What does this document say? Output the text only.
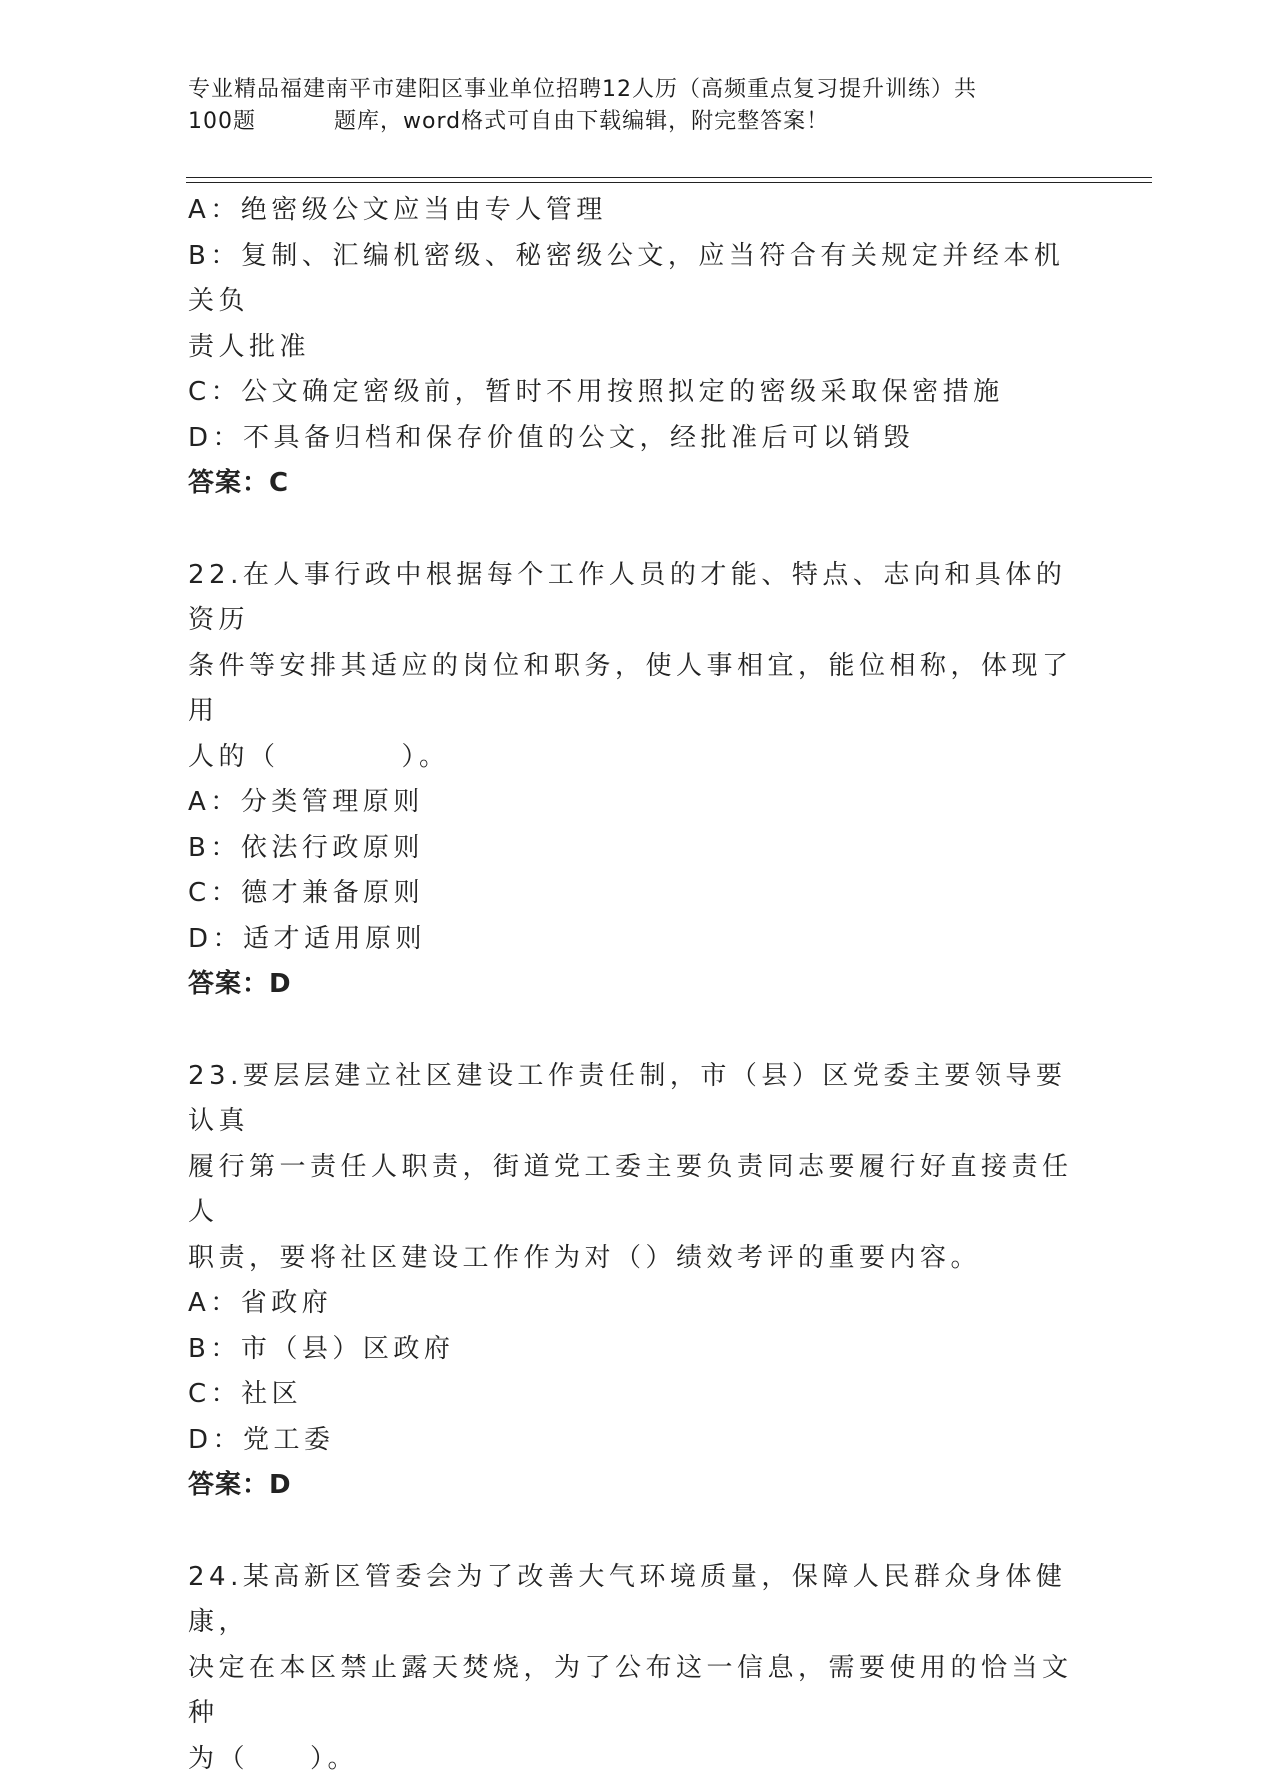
专业精品福建南平市建阳区事业单位招聘12人历（高频重点复习提升训练）共
100题	题库，word格式可自由下载编辑，附完整答案！

A：绝密级公文应当由专人管理

B：复制、汇编机密级、秘密级公文，应当符合有关规定并经本机关负

责人批准

C：公文确定密级前，暂时不用按照拟定的密级采取保密措施

D：不具备归档和保存价值的公文，经批准后可以销毁

答案：C

22.在人事行政中根据每个工作人员的才能、特点、志向和具体的资历

条件等安排其适应的岗位和职务，使人事相宜，能位相称，体现了用

人的（　　　　）。

A：分类管理原则

B：依法行政原则

C：德才兼备原则

D：适才适用原则

答案：D

23.要层层建立社区建设工作责任制，市（县）区党委主要领导要认真

履行第一责任人职责，街道党工委主要负责同志要履行好直接责任人

职责，要将社区建设工作作为对（）绩效考评的重要内容。

A：省政府

B：市（县）区政府

C：社区

D：党工委

答案：D

24.某高新区管委会为了改善大气环境质量，保障人民群众身体健康，

决定在本区禁止露天焚烧，为了公布这一信息，需要使用的恰当文种

为（　　）。
